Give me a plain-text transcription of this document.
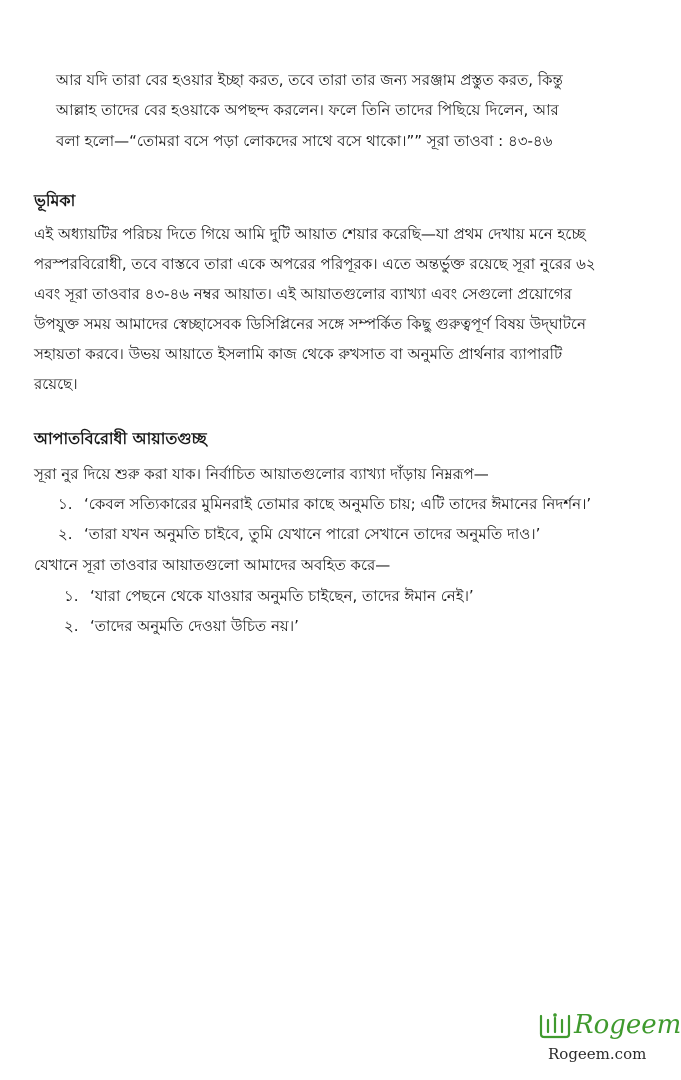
আর যদি তারা বের হওয়ার ইচ্ছা করত, তবে তারা তার জন্য সরঞ্জাম প্রস্তুত করত, কিন্তু
আল্লাহ তাদের বের হওয়াকে অপছন্দ করলেন। ফলে তিনি তাদের পিছিয়ে দিলেন, আর
বলা হলো—“তোমরা বসে পড়া লোকদের সাথে বসে থাকো।”” সূরা তাওবা : ৪৩-৪৬
ভূমিকা
এই অধ্যায়টির পরিচয় দিতে গিয়ে আমি দুটি আয়াত শেয়ার করেছি—যা প্রথম দেখায় মনে হচ্ছে
পরস্পরবিরোধী, তবে বাস্তবে তারা একে অপরের পরিপূরক। এতে অন্তর্ভুক্ত রয়েছে সূরা নুরের ৬২
এবং সূরা তাওবার ৪৩-৪৬ নম্বর আয়াত। এই আয়াতগুলোর ব্যাখ্যা এবং সেগুলো প্রয়োগের
উপযুক্ত সময় আমাদের স্বেচ্ছাসেবক ডিসিপ্লিনের সঙ্গে সম্পর্কিত কিছু গুরুত্বপূর্ণ বিষয় উদ্‌ঘাটনে
সহায়তা করবে। উভয় আয়াতে ইসলামি কাজ থেকে রুখসাত বা অনুমতি প্রার্থনার ব্যাপারটি
রয়েছে।
আপাতবিরোধী আয়াতগুচ্ছ
সূরা নুর দিয়ে শুরু করা যাক। নির্বাচিত আয়াতগুলোর ব্যাখ্যা দাঁড়ায় নিম্নরূপ—
১. ‘কেবল সত্যিকারের মুমিনরাই তোমার কাছে অনুমতি চায়; এটি তাদের ঈমানের নিদর্শন।’
২. ‘তারা যখন অনুমতি চাইবে, তুমি যেখানে পারো সেখানে তাদের অনুমতি দাও।’
যেখানে সূরা তাওবার আয়াতগুলো আমাদের অবহিত করে—
১. ‘যারা পেছনে থেকে যাওয়ার অনুমতি চাইছেন, তাদের ঈমান নেই।’
২. ‘তাদের অনুমতি দেওয়া উচিত নয়।’
Rogeem
Rogeem.com
